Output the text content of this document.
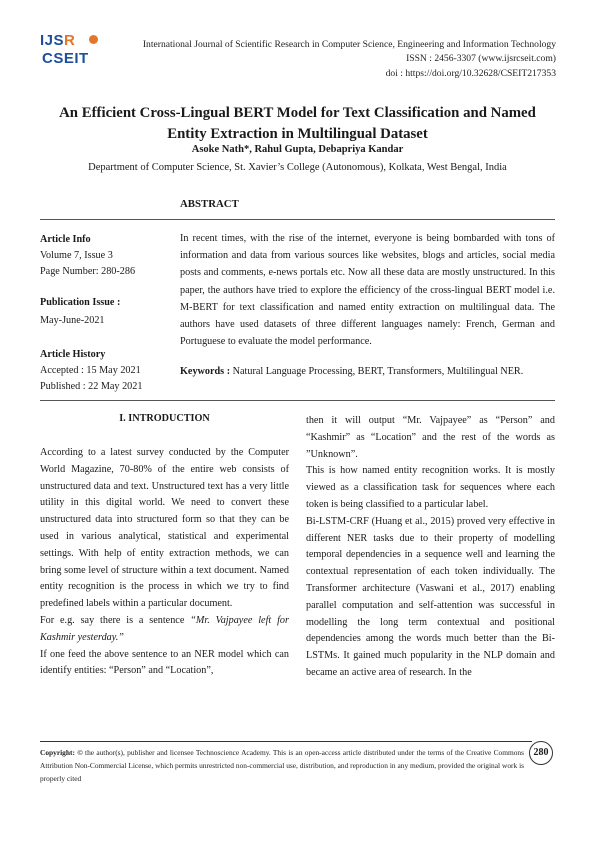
IJSR
CSEIT
International Journal of Scientific Research in Computer Science, Engineering and Information Technology
ISSN : 2456-3307 (www.ijsrcseit.com)
doi : https://doi.org/10.32628/CSEIT217353
An Efficient Cross-Lingual BERT Model for Text Classification and Named Entity Extraction in Multilingual Dataset
Asoke Nath*, Rahul Gupta, Debapriya Kandar
Department of Computer Science, St. Xavier’s College (Autonomous), Kolkata, West Bengal, India
ABSTRACT
Article Info
Volume 7, Issue 3
Page Number: 280-286
Publication Issue :
May-June-2021
Article History
Accepted : 15 May 2021
Published : 22 May 2021

In recent times, with the rise of the internet, everyone is being bombarded with tons of information and data from various sources like websites, blogs and articles, social media posts and comments, e-news portals etc. Now all these data are mostly unstructured. In this paper, the authors have tried to explore the efficiency of the cross-lingual BERT model i.e. M-BERT for text classification and named entity extraction on multilingual data. The authors have used datasets of three different languages namely: French, German and Portuguese to evaluate the model performance.

Keywords : Natural Language Processing, BERT, Transformers, Multilingual NER.

I. INTRODUCTION

According to a latest survey conducted by the Computer World Magazine, 70-80% of the entire web consists of unstructured data and text. Unstructured text has a very little utility in this digital world. We need to convert these unstructured data into structured form so that they can be used in various analytical, statistical and experimental settings. With help of entity extraction methods, we can bring some level of structure within a text document. Named entity recognition is the process in which we try to find predefined labels within a particular document.

For e.g. say there is a sentence “Mr. Vajpayee left for Kashmir yesterday.”

If one feed the above sentence to an NER model which can identify entities: “Person” and “Location”,

then it will output “Mr. Vajpayee” as “Person” and “Kashmir” as “Location” and the rest of the words as ”Unknown”.

This is how named entity recognition works. It is mostly viewed as a classification task for sequences where each token is being classified to a particular label.

Bi-LSTM-CRF (Huang et al., 2015) proved very effective in different NER tasks due to their property of modelling temporal dependencies in a sequence well and learning the contextual representation of each token individually. The Transformer architecture (Vaswani et al., 2017) enabling parallel computation and self-attention was successful in modelling the long term contextual and positional dependencies among the words much better than the Bi-LSTMs. It gained much popularity in the NLP domain and became an active area of research. In the

Copyright: © the author(s), publisher and licensee Technoscience Academy. This is an open-access article distributed under the terms of the Creative Commons Attribution Non-Commercial License, which permits unrestricted non-commercial use, distribution, and reproduction in any medium, provided the original work is properly cited
280
